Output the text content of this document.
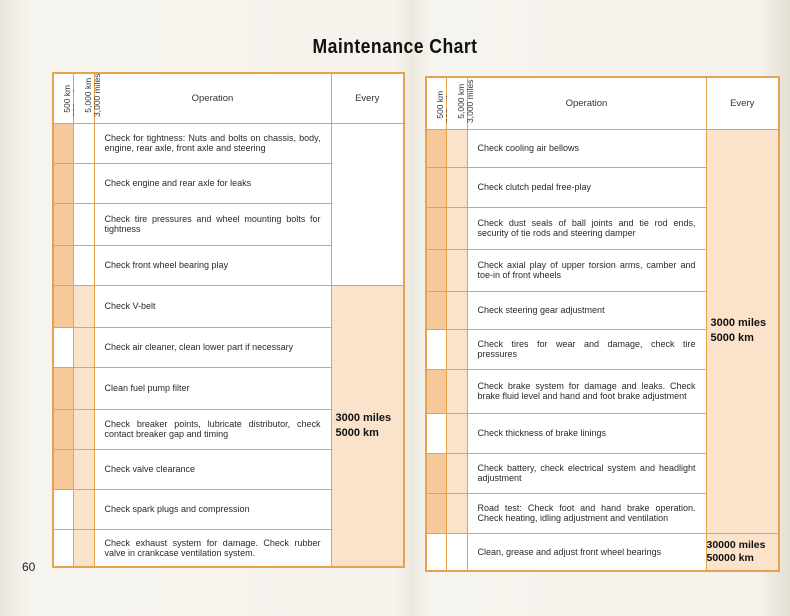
Maintenance Chart
60
500 km	5,000 km 3,000 miles	Operation	Every
		Check for tightness: Nuts and bolts on chassis, body, engine, rear axle, front axle and steering	
		Check engine and rear axle for leaks	
		Check tire pressures and wheel mounting bolts for tightness	
		Check front wheel bearing play	
		Check V-belt	3000 miles
5000 km

		Check air cleaner, clean lower part if necessary	
		Clean fuel pump filter	
		Check breaker points, lubricate distributor, check contact breaker gap and timing	
		Check valve clearance	
		Check spark plugs and compression	
		Check exhaust system for damage. Check rubber valve in crankcase ventilation system.	
500 km	5,000 km 3,000 miles	Operation	Every
		Check cooling air bellows	3000 miles
5000 km

		Check clutch pedal free-play	
		Check dust seals of ball joints and tie rod ends, security of tie rods and steering damper	
		Check axial play of upper torsion arms, camber and toe-in of front wheels	
		Check steering gear adjustment	
		Check tires for wear and damage, check tire pressures	
		Check brake system for damage and leaks. Check brake fluid level and hand and foot brake adjustment	
		Check thickness of brake linings	
		Check battery, check electrical system and headlight adjustment	
		Road test: Check foot and hand brake operation. Check heating, idling adjustment and ventilation	
		Clean, grease and adjust front wheel bearings	30000 miles
50000 km
